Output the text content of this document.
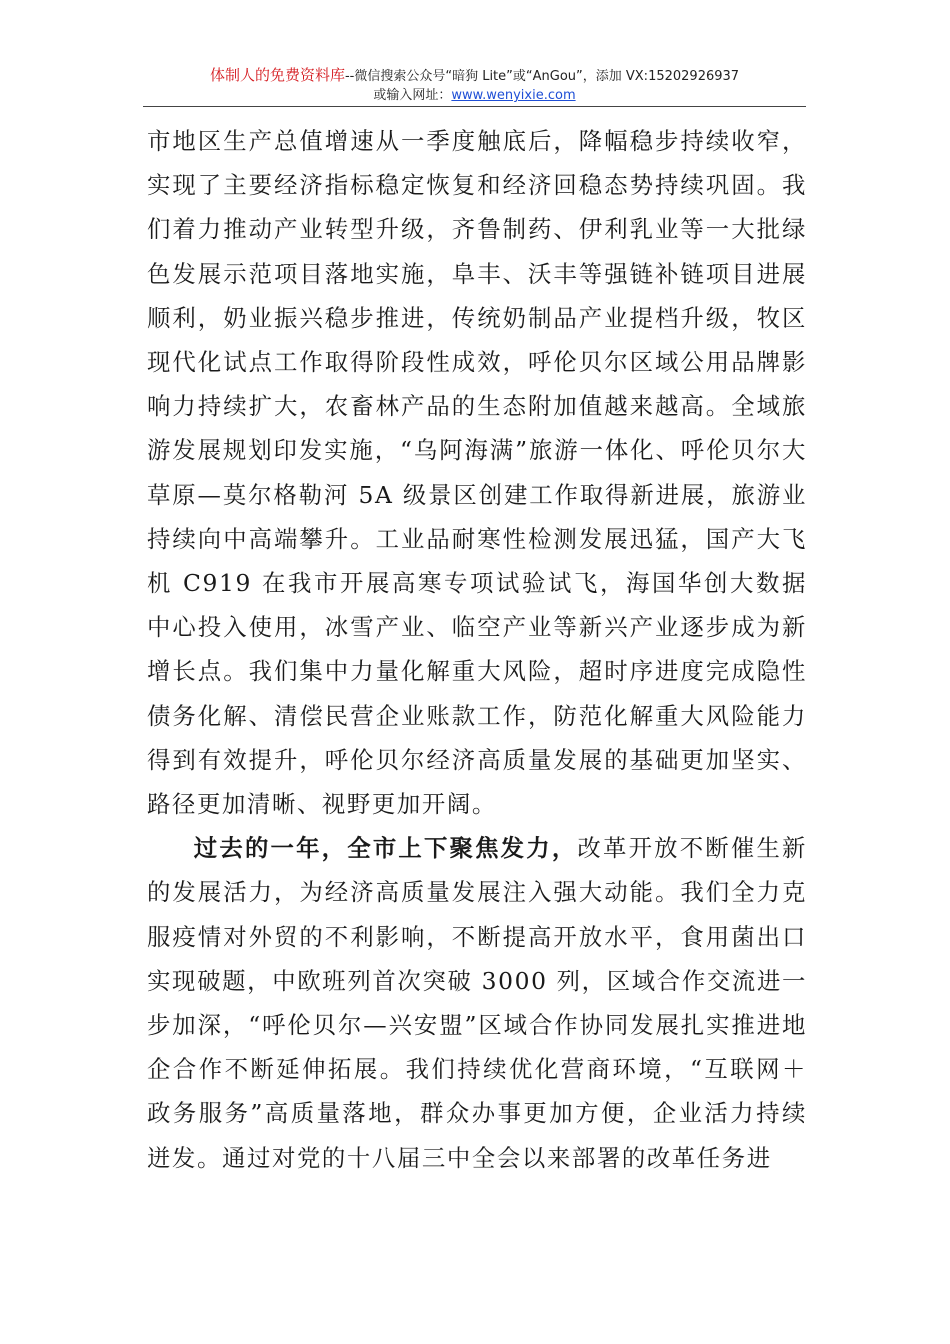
体制人的免费资料库--微信搜索公众号“暗狗 Lite”或“AnGou”，添加 VX:15202926937
或输入网址：www.wenyixie.com

市地区生产总值增速从一季度触底后，降幅稳步持续收窄，实现了主要经济指标稳定恢复和经济回稳态势持续巩固。我们着力推动产业转型升级，齐鲁制药、伊利乳业等一大批绿色发展示范项目落地实施，阜丰、沃丰等强链补链项目进展顺利，奶业振兴稳步推进，传统奶制品产业提档升级，牧区现代化试点工作取得阶段性成效，呼伦贝尔区域公用品牌影响力持续扩大，农畜林产品的生态附加值越来越高。全域旅游发展规划印发实施，“乌阿海满”旅游一体化、呼伦贝尔大草原—莫尔格勒河 5A 级景区创建工作取得新进展，旅游业持续向中高端攀升。工业品耐寒性检测发展迅猛，国产大飞机 C919 在我市开展高寒专项试验试飞，海国华创大数据中心投入使用，冰雪产业、临空产业等新兴产业逐步成为新增长点。我们集中力量化解重大风险，超时序进度完成隐性债务化解、清偿民营企业账款工作，防范化解重大风险能力得到有效提升，呼伦贝尔经济高质量发展的基础更加坚实、路径更加清晰、视野更加开阔。

过去的一年，全市上下聚焦发力，改革开放不断催生新的发展活力，为经济高质量发展注入强大动能。我们全力克服疫情对外贸的不利影响，不断提高开放水平，食用菌出口实现破题，中欧班列首次突破 3000 列，区域合作交流进一步加深，“呼伦贝尔—兴安盟”区域合作协同发展扎实推进地企合作不断延伸拓展。我们持续优化营商环境，“互联网＋政务服务”高质量落地，群众办事更加方便，企业活力持续迸发。通过对党的十八届三中全会以来部署的改革任务进
